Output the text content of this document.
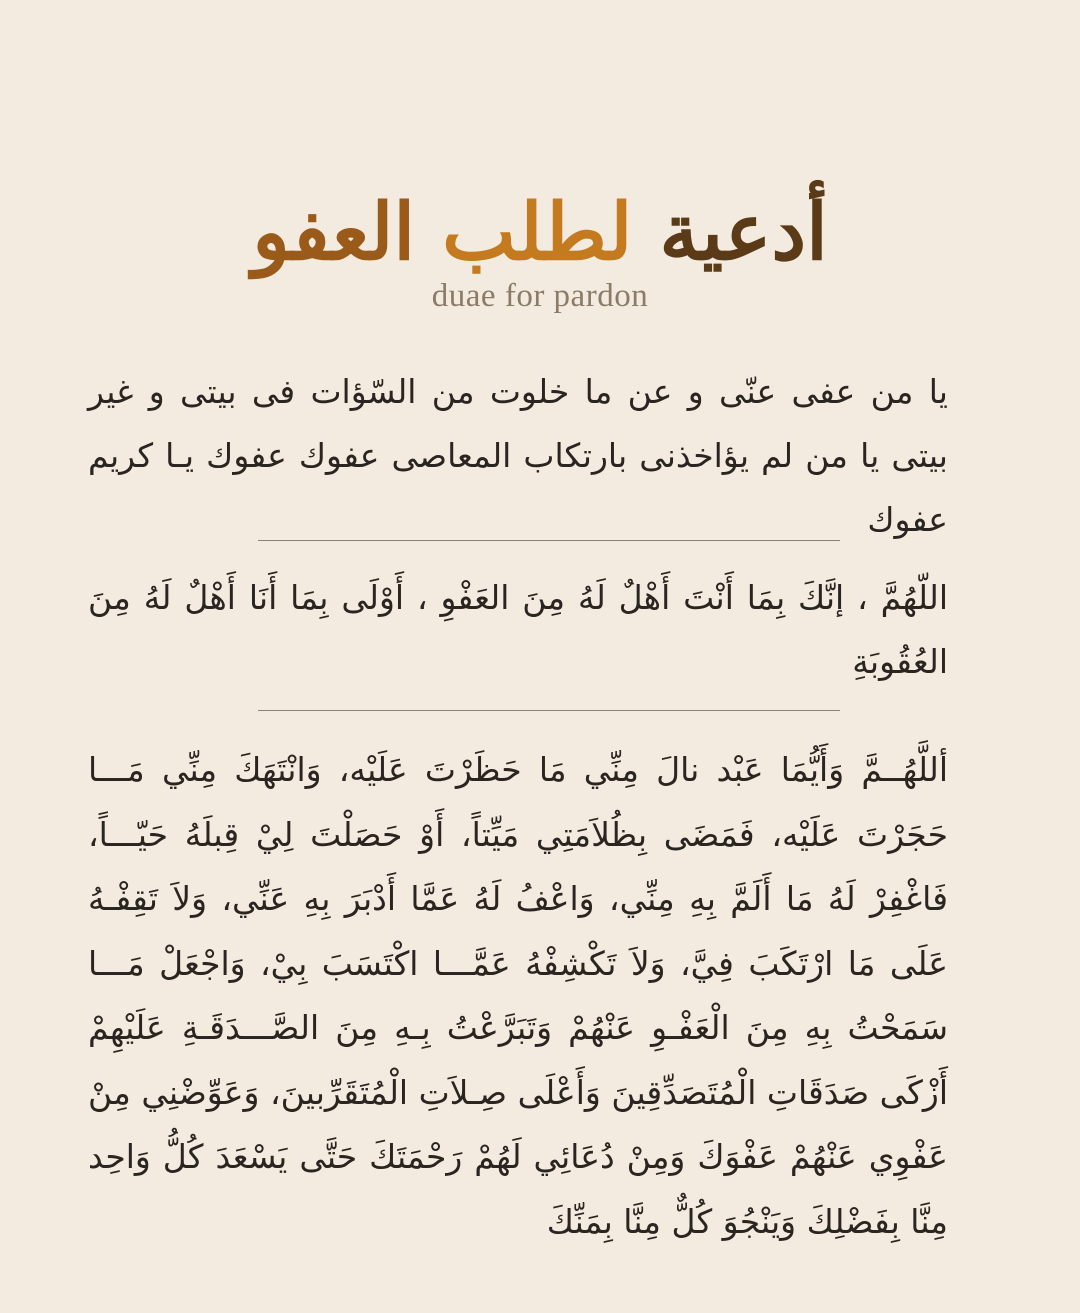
أدعية لطلب العفو
duae for pardon

يا من عفى عنّى و عن ما خلوت من السّؤات فى بيتى و غير بيتى يا من لم يؤاخذنى بارتكاب المعاصى عفوك عفوك يـا كريم عفوك

اللّهُمَّ ، إنَّكَ بِمَا أَنْتَ أَهْلٌ لَهُ مِنَ العَفْوِ ، أَوْلَى بِمَا أَنَا أَهْلٌ لَهُ مِنَ العُقُوبَةِ

أللَّهُــمَّ وَأَيُّمَا عَبْد نالَ مِنِّي مَا حَظَرْتَ عَلَيْه، وَانْتَهَكَ مِنِّي مَـــا حَجَرْتَ عَلَيْه، فَمَضَى بِظُلاَمَتِي مَيِّتاً، أَوْ حَصَلْتَ لِيْ قِبلَهُ حَيّـــاً، فَاغْفِرْ لَهُ مَا أَلَمَّ بِهِ مِنِّي، وَاعْفُ لَهُ عَمَّا أَدْبَرَ بِهِ عَنِّي، وَلاَ تَقِفْـهُ عَلَى مَا ارْتَكَبَ فِيَّ، وَلاَ تَكْشِفْهُ عَمَّـــا اكْتَسَبَ بِيْ، وَاجْعَلْ مَـــا سَمَحْتُ بِهِ مِنَ الْعَفْـوِ عَنْهُمْ وَتَبَرَّعْتُ بِـهِ مِنَ الصَّـــدَقَـةِ عَلَيْهِمْ أَزْكَى صَدَقَاتِ الْمُتَصَدِّقِينَ وَأَعْلَى صِـلاَتِ الْمُتَقَرِّبينَ، وَعَوِّضْنِي مِنْ عَفْوِي عَنْهُمْ عَفْوَكَ وَمِنْ دُعَائِي لَهُمْ رَحْمَتَكَ حَتَّى يَسْعَدَ كُلُّ وَاحِد مِنَّا بِفَضْلِكَ وَيَنْجُوَ كُلٌّ مِنَّا بِمَنِّكَ
